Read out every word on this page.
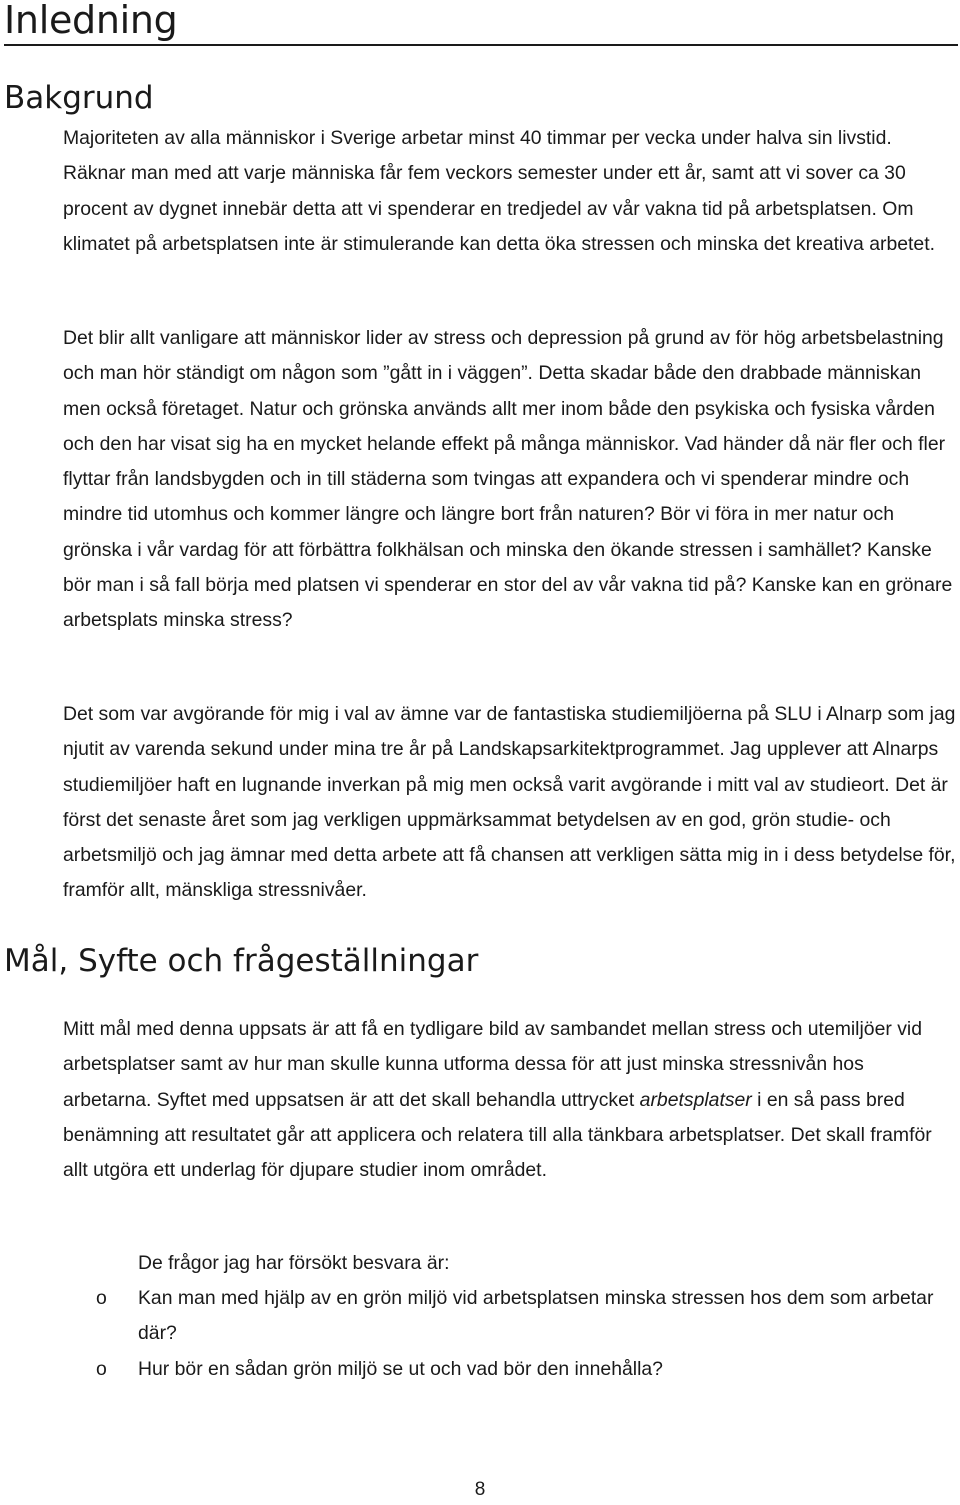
Inledning
Bakgrund

Majoriteten av alla människor i Sverige arbetar minst 40 timmar per vecka under halva sin livstid. Räknar man med att varje människa får fem veckors semester under ett år, samt att vi sover ca 30 procent av dygnet innebär detta att vi spenderar en tredjedel av vår vakna tid på arbetsplatsen. Om klimatet på arbetsplatsen inte är stimulerande kan detta öka stressen och minska det kreativa arbetet.

Det blir allt vanligare att människor lider av stress och depression på grund av för hög arbetsbelastning och man hör ständigt om någon som ”gått in i väggen”. Detta skadar både den drabbade människan men också företaget. Natur och grönska används allt mer inom både den psykiska och fysiska vården och den har visat sig ha en mycket helande effekt på många människor. Vad händer då när fler och fler flyttar från landsbygden och in till städerna som tvingas att expandera och vi spenderar mindre och mindre tid utomhus och kommer längre och längre bort från naturen? Bör vi föra in mer natur och grönska i vår vardag för att förbättra folkhälsan och minska den ökande stressen i samhället? Kanske bör man i så fall börja med platsen vi spenderar en stor del av vår vakna tid på? Kanske kan en grönare arbetsplats minska stress?

Det som var avgörande för mig i val av ämne var de fantastiska studiemiljöerna på SLU i Alnarp som jag njutit av varenda sekund under mina tre år på Landskapsarkitektprogrammet. Jag upplever att Alnarps studiemiljöer haft en lugnande inverkan på mig men också varit avgörande i mitt val av studieort. Det är först det senaste året som jag verkligen uppmärksammat betydelsen av en god, grön studie- och arbetsmiljö och jag ämnar med detta arbete att få chansen att verkligen sätta mig in i dess betydelse för, framför allt, mänskliga stressnivåer.

Mål, Syfte och frågeställningar

Mitt mål med denna uppsats är att få en tydligare bild av sambandet mellan stress och utemiljöer vid arbetsplatser samt av hur man skulle kunna utforma dessa för att just minska stressnivån hos arbetarna. Syftet med uppsatsen är att det skall behandla uttrycket arbetsplatser i en så pass bred benämning att resultatet går att applicera och relatera till alla tänkbara arbetsplatser. Det skall framför allt utgöra ett underlag för djupare studier inom området.

De frågor jag har försökt besvara är:

o Kan man med hjälp av en grön miljö vid arbetsplatsen minska stressen hos dem som arbetar där?
o Hur bör en sådan grön miljö se ut och vad bör den innehålla?
8
